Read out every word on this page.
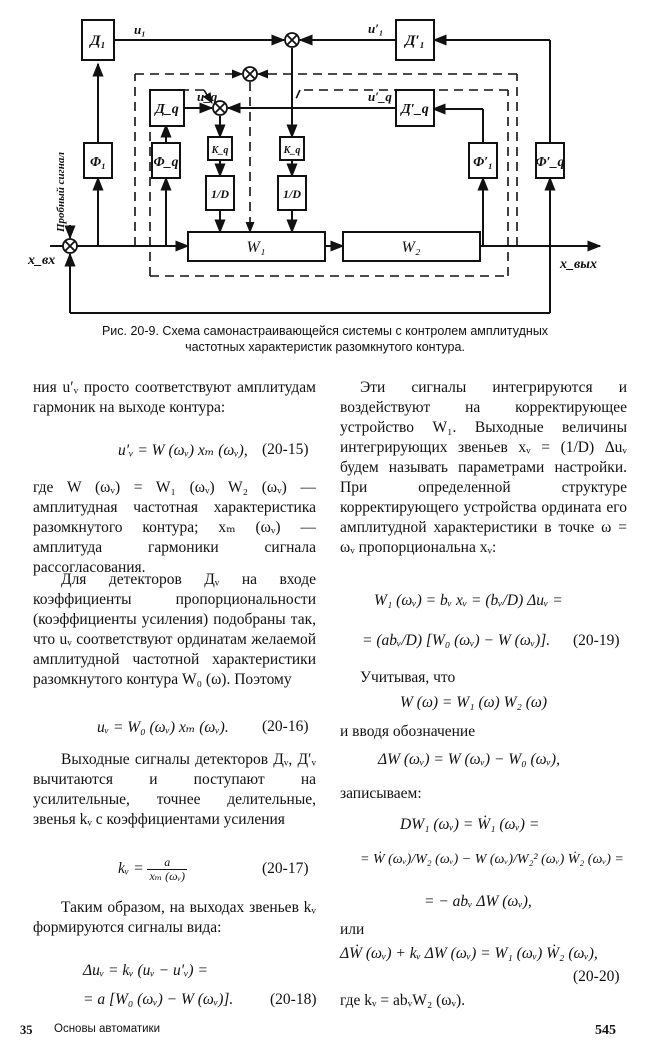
Д₁
Д_q
Д′₁
Д′_q
Φ₁	Φ_q	Φ′₁	Φ′_q
K_q	K_q
1/D	1/D
W₁	W₂
u₁	u′₁
u_q	u′_q
x_вх	x_вых
Пробный сигнал
Рис. 20-9. Схема самонастраивающейся системы с контролем амплитудных
частотных характеристик разомкнутого контура.
ния u′ᵥ просто соответствуют амплитудам гармоник на выходе контура:
u′ᵥ = W (ωᵥ) xₘ (ωᵥ), (20-15)
где W (ωᵥ) = W₁ (ωᵥ) W₂ (ωᵥ) — амплитудная частотная характеристика разомкнутого контура; xₘ (ωᵥ) — амплитуда гармоники сигнала рассогласования.
Для детекторов Дᵥ на входе коэффициенты пропорциональности (коэффициенты усиления) подобраны так, что uᵥ соответствуют ординатам желаемой амплитудной частотной характеристики разомкнутого контура W₀ (ω). Поэтому
uᵥ = W₀ (ωᵥ) xₘ (ωᵥ). (20-16)
Выходные сигналы детекторов Дᵥ, Д′ᵥ вычитаются и поступают на усилительные, точнее делительные, звенья kᵥ с коэффициентами усиления
kᵥ = $\frac{a}{\text{xₘ (ωᵥ)}}$	(20-17)
Таким образом, на выходах звеньев kᵥ формируются сигналы вида:
Δuᵥ = kᵥ (uᵥ − u′ᵥ) =
= a [W₀ (ωᵥ) − W (ωᵥ)]. (20-18)
Эти сигналы интегрируются и воздействуют на корректирующее устройство W₁. Выходные величины интегрирующих звеньев xᵥ = (1/D) Δuᵥ будем называть параметрами настройки. При определенной структуре корректирующего устройства ордината его амплитудной характеристики в точке ω = ωᵥ пропорциональна xᵥ:
W₁ (ωᵥ) = bᵥ xᵥ = (bᵥ/D) Δuᵥ =
= (abᵥ/D) [W₀ (ωᵥ) − W (ωᵥ)]. (20-19)
Учитывая, что
W (ω) = W₁ (ω) W₂ (ω)
и вводя обозначение
ΔW (ωᵥ) = W (ωᵥ) − W₀ (ωᵥ),
записываем:
DW₁ (ωᵥ) = Ẇ₁ (ωᵥ) =
= Ẇ (ωᵥ)/W₂ (ωᵥ) − W (ωᵥ)/W₂² (ωᵥ) Ẇ₂ (ωᵥ) =
= − abᵥ ΔW (ωᵥ),
или
ΔẆ (ωᵥ) + kᵥ ΔW (ωᵥ) = W₁ (ωᵥ) Ẇ₂ (ωᵥ),
(20-20)
где kᵥ = abᵥW₂ (ωᵥ).
35 Основы автоматики	545
